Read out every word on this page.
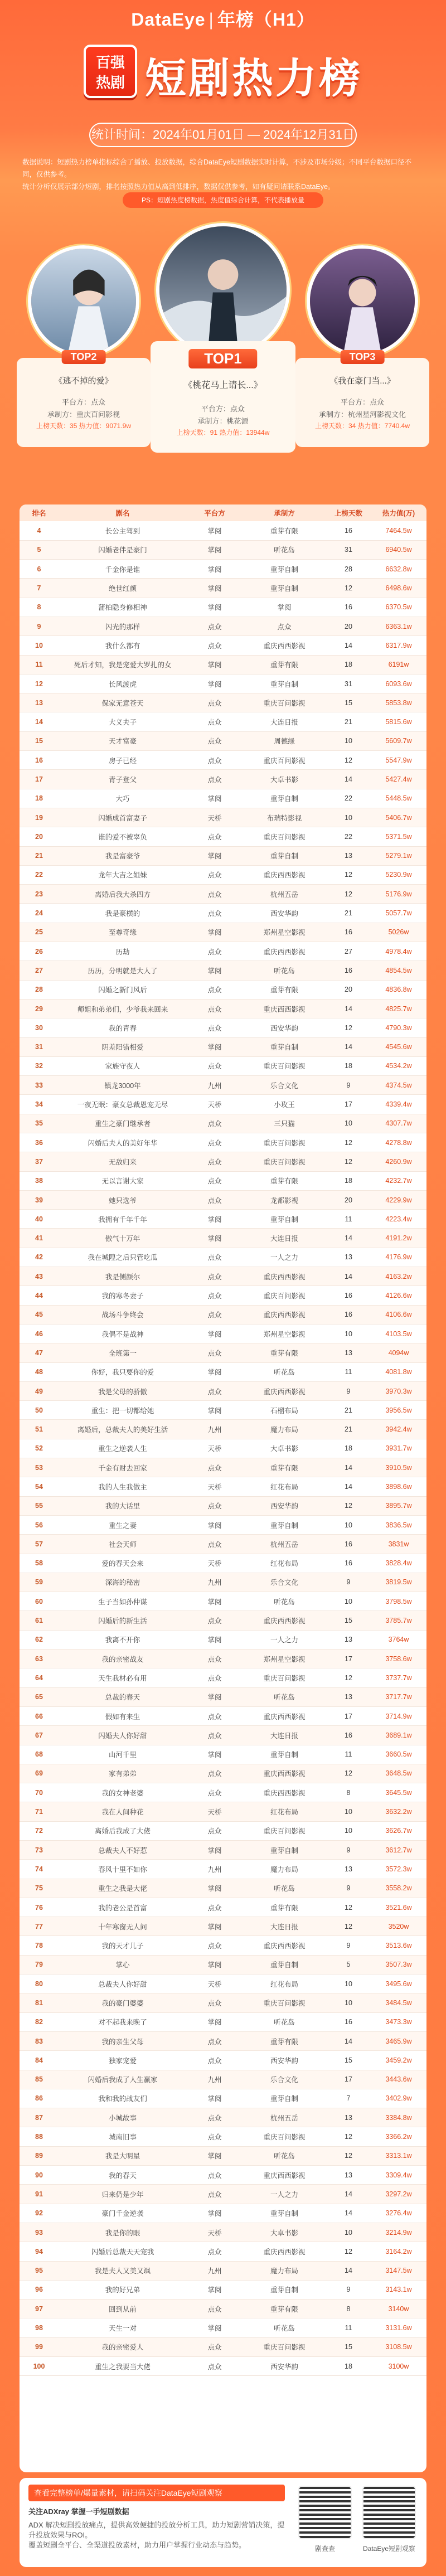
DataEye | 年榜（H1）
百强
热剧 短剧热力榜
统计时间：2024年01月01日 — 2024年12月31日
数据说明：短剧热力榜单指标综合了播放、投放数据，综合DataEye短剧数据实时计算，不涉及市场分级；不同平台数据口径不同，仅供参考。
统计分析仅展示部分短剧，排名按照热力值从高到低排序，数据仅供参考，如有疑问请联系DataEye。
PS：短剧热度榜数据，热度值综合计算，不代表播放量
TOP2
《逃不掉的爱》
平台方：点众
承制方：重庆百问影视
上榜天数：35 热力值：9071.9w
TOP1
《桃花马上请长...》
平台方：点众
承制方：桃花源
上榜天数：91 热力值：13944w
TOP3
《我在豪门当...》
平台方：点众
承制方：杭州星河影视文化
上榜天数：34 热力值：7740.4w
排名	剧名	平台方	承制方	上榜天数	热力值(万)
4	长公主驾到	掌阅	重芽有限	16	7464.5w
5	闪婚老伴是豪门	掌阅	听花岛	31	6940.5w
6	千金你是谁	掌阅	重芽自制	28	6632.8w
7	绝世红颜	掌阅	重芽自制	12	6498.6w
8	蒲柏隐身修相神	掌阅	掌阅	16	6370.5w
9	闪光的那样	点众	点众	20	6363.1w
10	我什么都有	点众	重庆西西影视	14	6317.9w
11	死后才知，我是宠爱大罗扎的女	掌阅	重芽有限	18	6191w
12	长风渡虎	掌阅	重芽自制	31	6093.6w
13	保家无意苍天	点众	重庆百问影视	15	5853.8w
14	大义夫子	点众	大连日报	21	5815.6w
15	天才富豪	点众	周德绿	10	5609.7w
16	房子已经	点众	重庆百问影视	12	5547.9w
17	青子登父	点众	大卓书影	14	5427.4w
18	大巧	掌阅	重芽自制	22	5448.5w
19	闪婚成首富妻子	天桥	布瑞特影视	10	5406.7w
20	谁的爱不被辜负	点众	重庆百问影视	22	5371.5w
21	我是富豪爷	掌阅	重芽自制	13	5279.1w
22	龙年大吉之姐妹	点众	重庆西西影视	12	5230.9w
23	离婚后我大杀四方	点众	杭州五岳	12	5176.9w
24	我是豪横的	点众	西安华韵	21	5057.7w
25	至尊奇缘	掌阅	郑州星空影视	16	5026w
26	历劫	点众	重庆西西影视	27	4978.4w
27	历历，分明就是大人了	掌阅	听花岛	16	4854.5w
28	闪婚之新门风后	点众	重芽有限	20	4836.8w
29	师姐和弟弟们，少爷我来回来	点众	重庆西西影视	14	4825.7w
30	我的青春	点众	西安华韵	12	4790.3w
31	阴差阳错相爱	掌阅	重芽自制	14	4545.6w
32	家族守夜人	点众	重庆百问影视	18	4534.2w
33	镇龙3000年	九州	乐合文化	9	4374.5w
34	一夜无眠：豪女总裁恩宠无尽	天桥	小玫王	17	4339.4w
35	重生之豪门继承者	点众	三只猫	10	4307.7w
36	闪婚后夫人的美好年华	点众	重庆百问影视	12	4278.8w
37	无敌归来	点众	重庆百问影视	12	4260.9w
38	无以言谢大家	点众	重芽有限	18	4232.7w
39	她只选爷	点众	龙都影视	20	4229.9w
40	我拥有千年千年	掌阅	重芽自制	11	4223.4w
41	傲气十万年	掌阅	大连日报	14	4191.2w
42	我在城隍之后只管吃瓜	点众	一人之力	13	4176.9w
43	我是侧颜尔	点众	重庆西西影视	14	4163.2w
44	我的寒冬妻子	点众	重庆百问影视	16	4126.6w
45	战场斗争终会	点众	重庆西西影视	16	4106.6w
46	我偶不是战神	掌阅	郑州星空影视	10	4103.5w
47	全班第一	点众	重芽有限	13	4094w
48	你好，我只要你的爱	掌阅	听花岛	11	4081.8w
49	我是父母的骄傲	点众	重庆西西影视	9	3970.3w
50	重生：把一切都给她	掌阅	石榴布局	21	3956.5w
51	离婚后，总裁夫人的美好生活	九州	魔力布局	21	3942.4w
52	重生之逆袭人生	天桥	大卓书影	18	3931.7w
53	千金有财去回家	点众	重芽有限	14	3910.5w
54	我的人生我做主	天桥	红花布局	14	3898.6w
55	我的大话里	点众	西安华韵	12	3895.7w
56	重生之妻	掌阅	重芽自制	10	3836.5w
57	社会天师	点众	杭州五岳	16	3831w
58	爱的春天会来	天桥	红花布局	16	3828.4w
59	深海的秘密	九州	乐合文化	9	3819.5w
60	生子当如孙仲谋	掌阅	听花岛	10	3798.5w
61	闪婚后的新生活	点众	重庆西西影视	15	3785.7w
62	我离不开你	掌阅	一人之力	13	3764w
63	我的亲密战友	点众	郑州星空影视	17	3758.6w
64	天生我材必有用	点众	重庆百问影视	12	3737.7w
65	总裁的春天	掌阅	听花岛	13	3717.7w
66	假如有来生	点众	重庆西西影视	17	3714.9w
67	闪婚夫人你好甜	点众	大连日报	16	3689.1w
68	山河千里	掌阅	重芽自制	11	3660.5w
69	家有弟弟	点众	重庆西西影视	12	3648.5w
70	我的女神老婆	点众	重庆西西影视	8	3645.5w
71	我在人间种花	天桥	红花布局	10	3632.2w
72	离婚后我成了大佬	点众	重庆百问影视	10	3626.7w
73	总裁夫人不好惹	掌阅	重芽自制	9	3612.7w
74	春风十里不如你	九州	魔力布局	13	3572.3w
75	重生之我是大佬	掌阅	听花岛	9	3558.2w
76	我的老公是首富	点众	重芽有限	12	3521.6w
77	十年寒窗无人问	掌阅	大连日报	12	3520w
78	我的天才儿子	点众	重庆西西影视	9	3513.6w
79	掌心	掌阅	重芽自制	5	3507.3w
80	总裁夫人你好甜	天桥	红花布局	10	3495.6w
81	我的豪门婆婆	点众	重庆百问影视	10	3484.5w
82	对不起我来晚了	掌阅	听花岛	16	3473.3w
83	我的亲生父母	点众	重芽有限	14	3465.9w
84	独家宠爱	点众	西安华韵	15	3459.2w
85	闪婚后我成了人生赢家	九州	乐合文化	17	3443.6w
86	我和我的战友们	掌阅	重芽自制	7	3402.9w
87	小城故事	点众	杭州五岳	13	3384.8w
88	城南旧事	点众	重庆百问影视	12	3366.2w
89	我是大明星	掌阅	听花岛	12	3313.1w
90	我的春天	点众	重庆西西影视	13	3309.4w
91	归来仍是少年	点众	一人之力	14	3297.2w
92	豪门千金逆袭	掌阅	重芽自制	14	3276.4w
93	我是你的眼	天桥	大卓书影	10	3214.9w
94	闪婚后总裁天天宠我	点众	重庆西西影视	12	3164.2w
95	我是夫人又美又飒	九州	魔力布局	14	3147.5w
96	我的好兄弟	掌阅	重芽自制	9	3143.1w
97	回到从前	点众	重芽有限	8	3140w
98	天生一对	掌阅	听花岛	11	3131.6w
99	我的亲密爱人	点众	重庆百问影视	15	3108.5w
100	重生之我要当大佬	点众	西安华韵	18	3100w
查看完整榜单/爆量素材，请扫码关注DataEye短剧观察

关注ADXray 掌握一手短剧数据

ADX 解决短剧投放痛点，提供高效便捷的投放分析工具，助力短剧营销决策，提升投放效果与ROI。

覆盖短剧全平台、全渠道投放素材，助力用户掌握行业动态与趋势。	剧查查	DataEye短剧观察
